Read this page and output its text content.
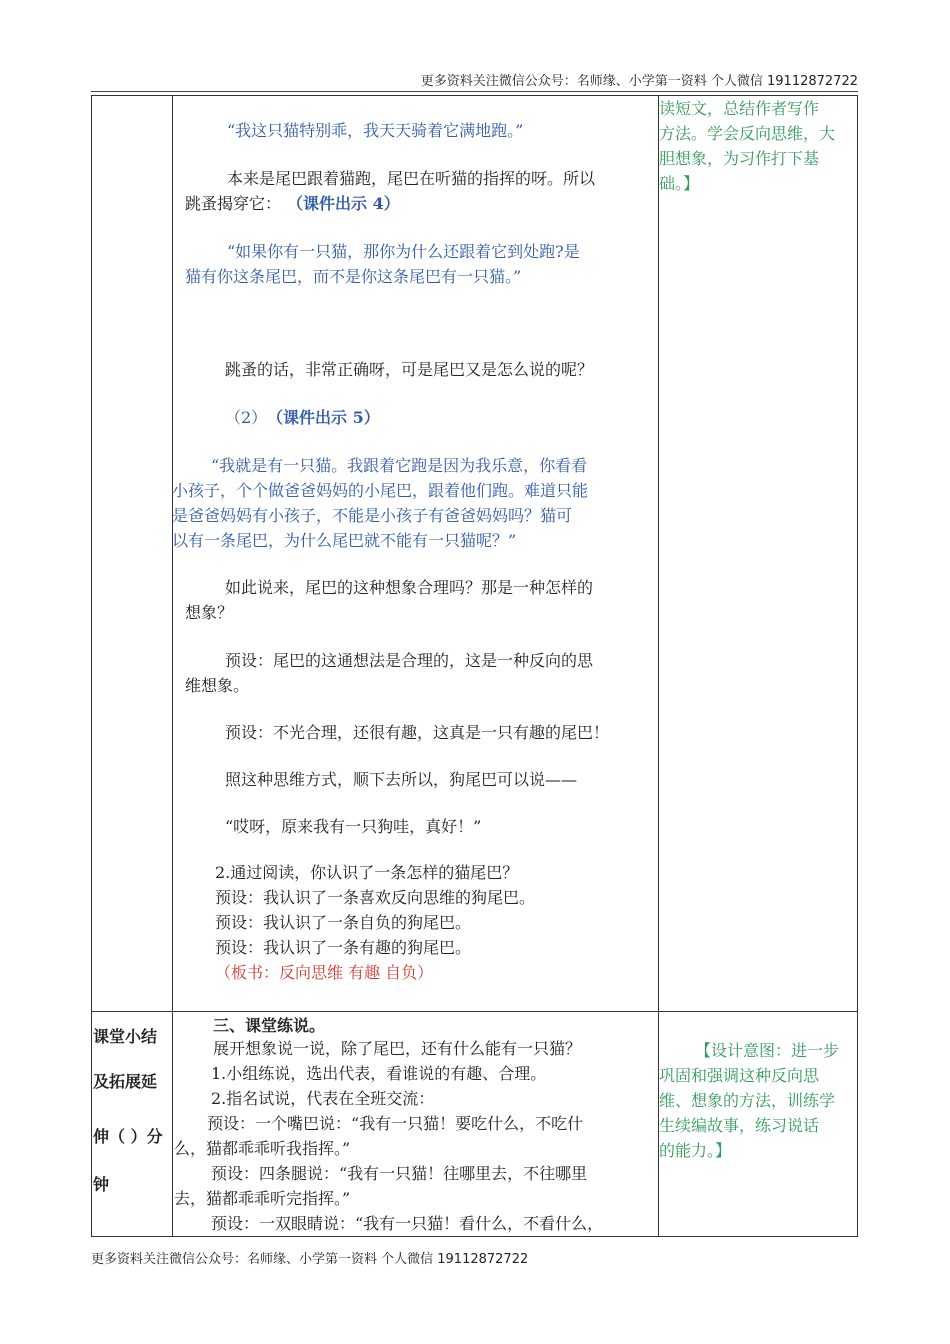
更多资料关注微信公众号：名师缘、小学第一资料 个人微信 19112872722
“我这只猫特别乖，我天天骑着它满地跑。”
本来是尾巴跟着猫跑，尾巴在听猫的指挥的呀。所以
跳蚤揭穿它： （课件出示 4）
“如果你有一只猫，那你为什么还跟着它到处跑?是
猫有你这条尾巴，而不是你这条尾巴有一只猫。”
跳蚤的话，非常正确呀，可是尾巴又是怎么说的呢？
（2） （课件出示 5）
“我就是有一只猫。我跟着它跑是因为我乐意，你看看
小孩子，个个做爸爸妈妈的小尾巴，跟着他们跑。难道只能
是爸爸妈妈有小孩子，不能是小孩子有爸爸妈妈吗？猫可
以有一条尾巴，为什么尾巴就不能有一只猫呢？”
如此说来，尾巴的这种想象合理吗？那是一种怎样的
想象？
预设：尾巴的这通想法是合理的，这是一种反向的思
维想象。
预设：不光合理，还很有趣，这真是一只有趣的尾巴！
照这种思维方式，顺下去所以，狗尾巴可以说——
“哎呀，原来我有一只狗哇，真好！”
2.通过阅读，你认识了一条怎样的猫尾巴？
预设：我认识了一条喜欢反向思维的狗尾巴。
预设：我认识了一条自负的狗尾巴。
预设：我认识了一条有趣的狗尾巴。
（板书：反向思维 有趣 自负）
读短文，总结作者写作
方法。学会反向思维，大
胆想象，为习作打下基
础。】
课堂小结
及拓展延
伸（ ）分
钟
三、课堂练说。
展开想象说一说，除了尾巴，还有什么能有一只猫？
1.小组练说，选出代表，看谁说的有趣、合理。
2.指名试说，代表在全班交流：
预设：一个嘴巴说：“我有一只猫！要吃什么，不吃什
么，猫都乖乖听我指挥。”
预设：四条腿说：“我有一只猫！往哪里去，不往哪里
去，猫都乖乖听完指挥。”
预设：一双眼睛说：“我有一只猫！看什么，不看什么，
【设计意图：进一步
巩固和强调这种反向思
维、想象的方法，训练学
生续编故事，练习说话
的能力。】
更多资料关注微信公众号：名师缘、小学第一资料 个人微信 19112872722
